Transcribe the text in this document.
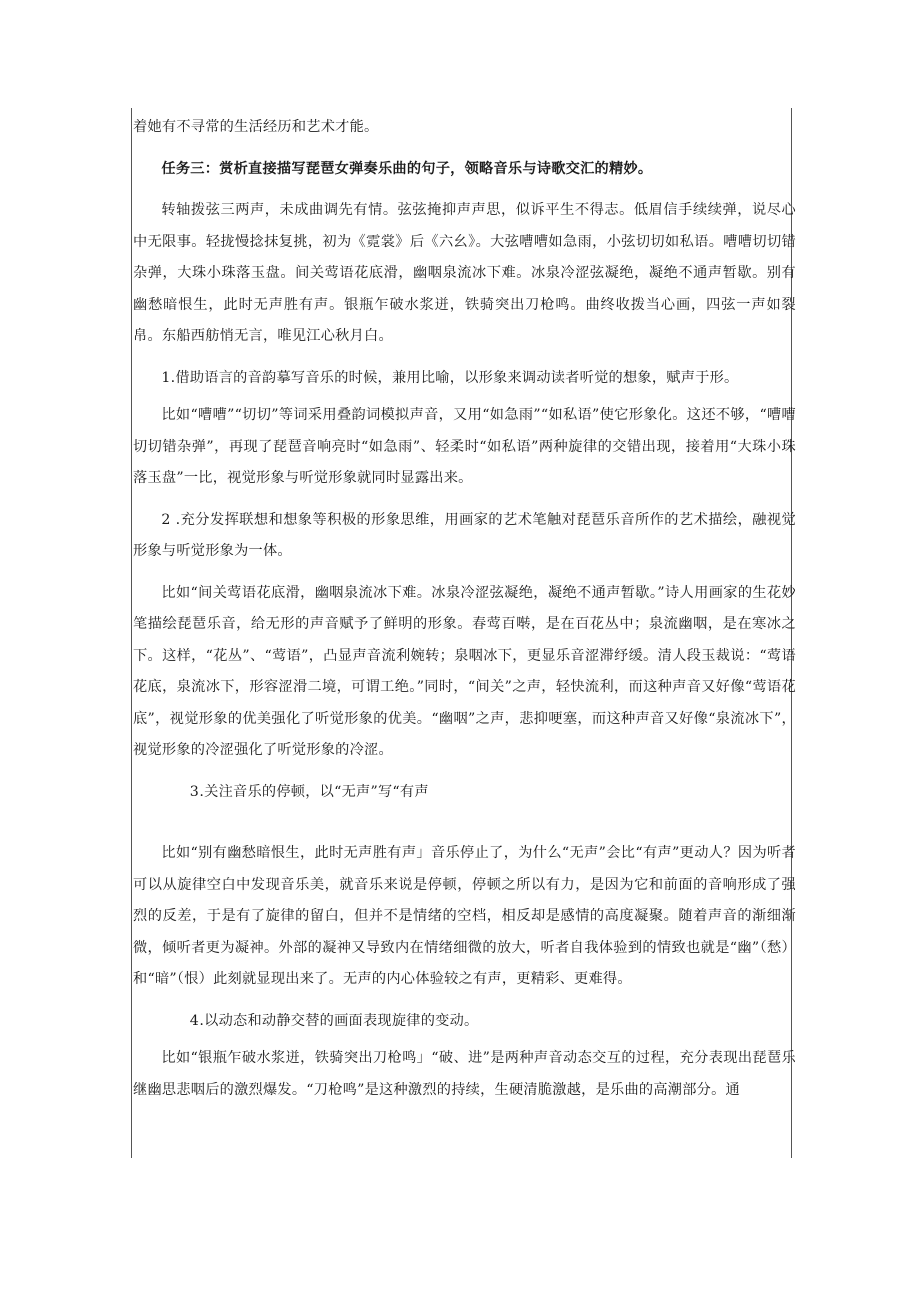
着她有不寻常的生活经历和艺术才能。

任务三：赏析直接描写琵琶女弹奏乐曲的句子，领略音乐与诗歌交汇的精妙。

转轴拨弦三两声，未成曲调先有情。弦弦掩抑声声思，似诉平生不得志。低眉信手续续弹，说尽心中无限事。轻拢慢捻抹复挑，初为《霓裳》后《六幺》。大弦嘈嘈如急雨，小弦切切如私语。嘈嘈切切错杂弹，大珠小珠落玉盘。间关莺语花底滑，幽咽泉流冰下难。冰泉冷涩弦凝绝，凝绝不通声暂歇。别有幽愁暗恨生，此时无声胜有声。银瓶乍破水浆迸，铁骑突出刀枪鸣。曲终收拨当心画，四弦一声如裂帛。东船西舫悄无言，唯见江心秋月白。

1.借助语言的音韵摹写音乐的时候，兼用比喻，以形象来调动读者听觉的想象，赋声于形。

比如“嘈嘈”“切切”等词采用叠韵词模拟声音，又用“如急雨”“如私语”使它形象化。这还不够，“嘈嘈切切错杂弹”，再现了琵琶音响亮时“如急雨”、轻柔时“如私语”两种旋律的交错出现，接着用“大珠小珠落玉盘”一比，视觉形象与听觉形象就同时显露出来。

2 .充分发挥联想和想象等积极的形象思维，用画家的艺术笔触对琵琶乐音所作的艺术描绘，融视觉形象与听觉形象为一体。

比如“间关莺语花底滑，幽咽泉流冰下难。冰泉冷涩弦凝绝，凝绝不通声暂歇。”诗人用画家的生花妙笔描绘琵琶乐音，给无形的声音赋予了鲜明的形象。春莺百啭，是在百花丛中；泉流幽咽，是在寒冰之下。这样，“花丛”、“莺语”，凸显声音流利婉转；泉咽冰下，更显乐音涩滞纾缓。清人段玉裁说：“莺语花底，泉流冰下，形容涩滑二境，可谓工绝。”同时，“间关”之声，轻快流利，而这种声音又好像“莺语花底”，视觉形象的优美强化了听觉形象的优美。“幽咽”之声，悲抑哽塞，而这种声音又好像“泉流冰下”，视觉形象的冷涩强化了听觉形象的冷涩。

3.关注音乐的停顿，以“无声”写“有声

比如“别有幽愁暗恨生，此时无声胜有声」音乐停止了，为什么“无声”会比“有声”更动人？因为听者可以从旋律空白中发现音乐美，就音乐来说是停顿，停顿之所以有力，是因为它和前面的音响形成了强烈的反差，于是有了旋律的留白，但并不是情绪的空档，相反却是感情的高度凝聚。随着声音的渐细渐微，倾听者更为凝神。外部的凝神又导致内在情绪细微的放大，听者自我体验到的情致也就是“幽”（愁）和“暗”（恨）此刻就显现出来了。无声的内心体验较之有声，更精彩、更难得。

4.以动态和动静交替的画面表现旋律的变动。

比如“银瓶乍破水浆迸，铁骑突出刀枪鸣」“破、进”是两种声音动态交互的过程，充分表现出琵琶乐继幽思悲咽后的激烈爆发。“刀枪鸣”是这种激烈的持续，生硬清脆激越，是乐曲的高潮部分。通
